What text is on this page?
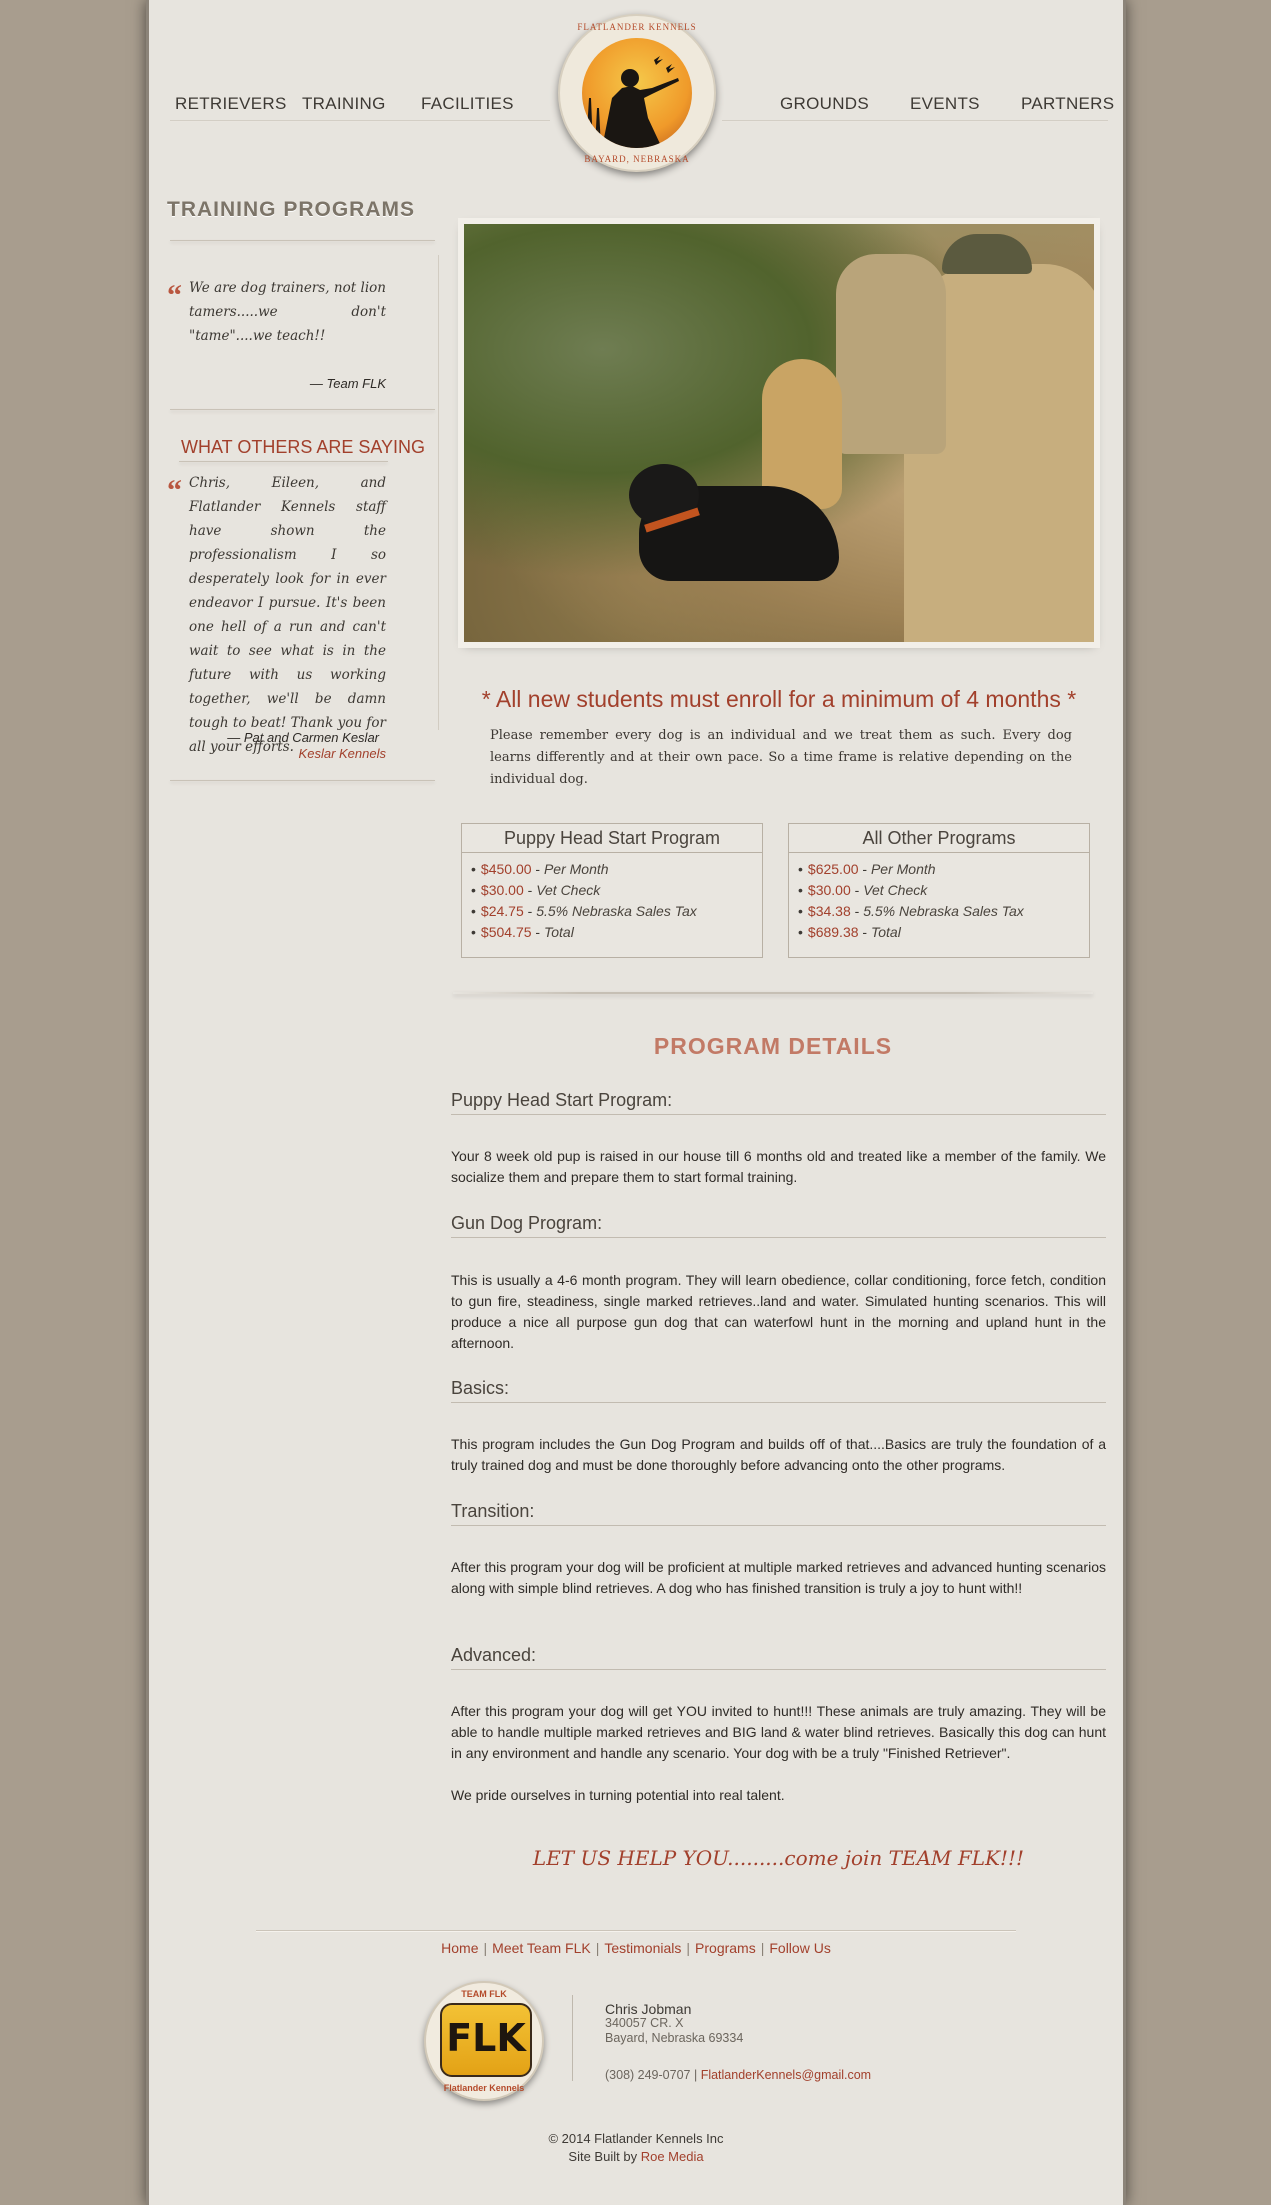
RETRIEVERS TRAINING FACILITIES	GROUNDS EVENTS PARTNERS
FLATLANDER KENNELS
BAYARD, NEBRASKA
TRAINING PROGRAMS
“ We are dog trainers, not lion tamers.....we don't "tame"....we teach!!
— Team FLK
WHAT OTHERS ARE SAYING
“ Chris, Eileen, and Flatlander Kennels staff have shown the professionalism I so desperately look for in ever endeavor I pursue. It's been one hell of a run and can't wait to see what is in the future with us working together, we'll be damn tough to beat! Thank you for all your efforts.
— Pat and Carmen Keslar
Keslar Kennels
* All new students must enroll for a minimum of 4 months *
Please remember every dog is an individual and we treat them as such. Every dog learns differently and at their own pace. So a time frame is relative depending on the individual dog.
Puppy Head Start Program
• $450.00 - Per Month
• $30.00 - Vet Check
• $24.75 - 5.5% Nebraska Sales Tax
• $504.75 - Total
All Other Programs
• $625.00 - Per Month
• $30.00 - Vet Check
• $34.38 - 5.5% Nebraska Sales Tax
• $689.38 - Total
PROGRAM DETAILS
Puppy Head Start Program:
Your 8 week old pup is raised in our house till 6 months old and treated like a member of the family. We socialize them and prepare them to start formal training.
Gun Dog Program:
This is usually a 4-6 month program. They will learn obedience, collar conditioning, force fetch, condition to gun fire, steadiness, single marked retrieves..land and water. Simulated hunting scenarios. This will produce a nice all purpose gun dog that can waterfowl hunt in the morning and upland hunt in the afternoon.
Basics:
This program includes the Gun Dog Program and builds off of that....Basics are truly the foundation of a truly trained dog and must be done thoroughly before advancing onto the other programs.
Transition:
After this program your dog will be proficient at multiple marked retrieves and advanced hunting scenarios along with simple blind retrieves. A dog who has finished transition is truly a joy to hunt with!!
Advanced:
After this program your dog will get YOU invited to hunt!!! These animals are truly amazing. They will be able to handle multiple marked retrieves and BIG land & water blind retrieves. Basically this dog can hunt in any environment and handle any scenario. Your dog with be a truly "Finished Retriever".
We pride ourselves in turning potential into real talent.
LET US HELP YOU.........come join TEAM FLK!!!
Home | Meet Team FLK | Testimonials | Programs | Follow Us
TEAM FLK
FLK
Flatlander Kennels
Chris Jobman
340057 CR. X
Bayard, Nebraska 69334
(308) 249-0707 | FlatlanderKennels@gmail.com
© 2014 Flatlander Kennels Inc
Site Built by Roe Media
